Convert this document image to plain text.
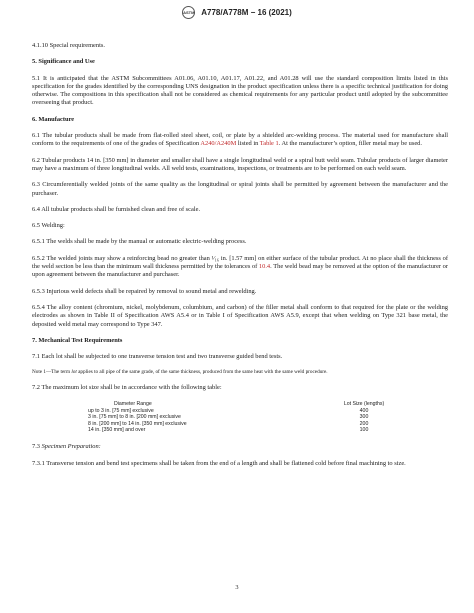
ASTM A778/A778M − 16 (2021)
4.1.10 Special requirements.
5. Significance and Use
5.1 It is anticipated that the ASTM Subcommittees A01.06, A01.10, A01.17, A01.22, and A01.28 will use the standard composition limits listed in this specification for the grades identified by the corresponding UNS designation in the product specification unless there is a specific technical justification for doing otherwise. The compositions in this specification shall not be considered as chemical requirements for any particular product until adopted by the subcommittee overseeing that product.
6. Manufacture
6.1 The tubular products shall be made from flat-rolled steel sheet, coil, or plate by a shielded arc-welding process. The material used for manufacture shall conform to the requirements of one of the grades of Specification A240/A240M listed in Table 1. At the manufacturer’s option, filler metal may be used.
6.2 Tubular products 14 in. [350 mm] in diameter and smaller shall have a single longitudinal weld or a spiral butt weld seam. Tubular products of larger diameter may have a maximum of three longitudinal welds. All weld tests, examinations, inspections, or treatments are to be performed on each weld seam.
6.3 Circumferentially welded joints of the same quality as the longitudinal or spiral joints shall be permitted by agreement between the manufacturer and the purchaser.
6.4 All tubular products shall be furnished clean and free of scale.
6.5 Welding:
6.5.1 The welds shall be made by the manual or automatic electric-welding process.
6.5.2 The welded joints may show a reinforcing bead no greater than ¹⁄₁₆ in. [1.57 mm] on either surface of the tubular product. At no place shall the thickness of the weld section be less than the minimum wall thickness permitted by the tolerances of 10.4. The weld bead may be removed at the option of the manufacturer or upon agreement between the manufacturer and purchaser.
6.5.3 Injurious weld defects shall be repaired by removal to sound metal and rewelding.
6.5.4 The alloy content (chromium, nickel, molybdenum, columbium, and carbon) of the filler metal shall conform to that required for the plate or the welding electrodes as shown in Table II of Specification AWS A5.4 or in Table I of Specification AWS A5.9, except that when welding on Type 321 base metal, the deposited weld metal may correspond to Type 347.
7. Mechanical Test Requirements
7.1 Each lot shall be subjected to one transverse tension test and two transverse guided bend tests.
Note 1—The term lot applies to all pipe of the same grade, of the same thickness, produced from the same heat with the same weld procedure.
7.2 The maximum lot size shall be in accordance with the following table:
Diameter Range	Lot Size (lengths)
up to 3 in. [75 mm] exclusive	400
3 in. [75 mm] to 8 in. [200 mm] exclusive	300
8 in. [200 mm] to 14 in. [350 mm] exclusive	200
14 in. [350 mm] and over	100
7.3 Specimen Preparation:
7.3.1 Transverse tension and bend test specimens shall be taken from the end of a length and shall be flattened cold before final machining to size.
3
